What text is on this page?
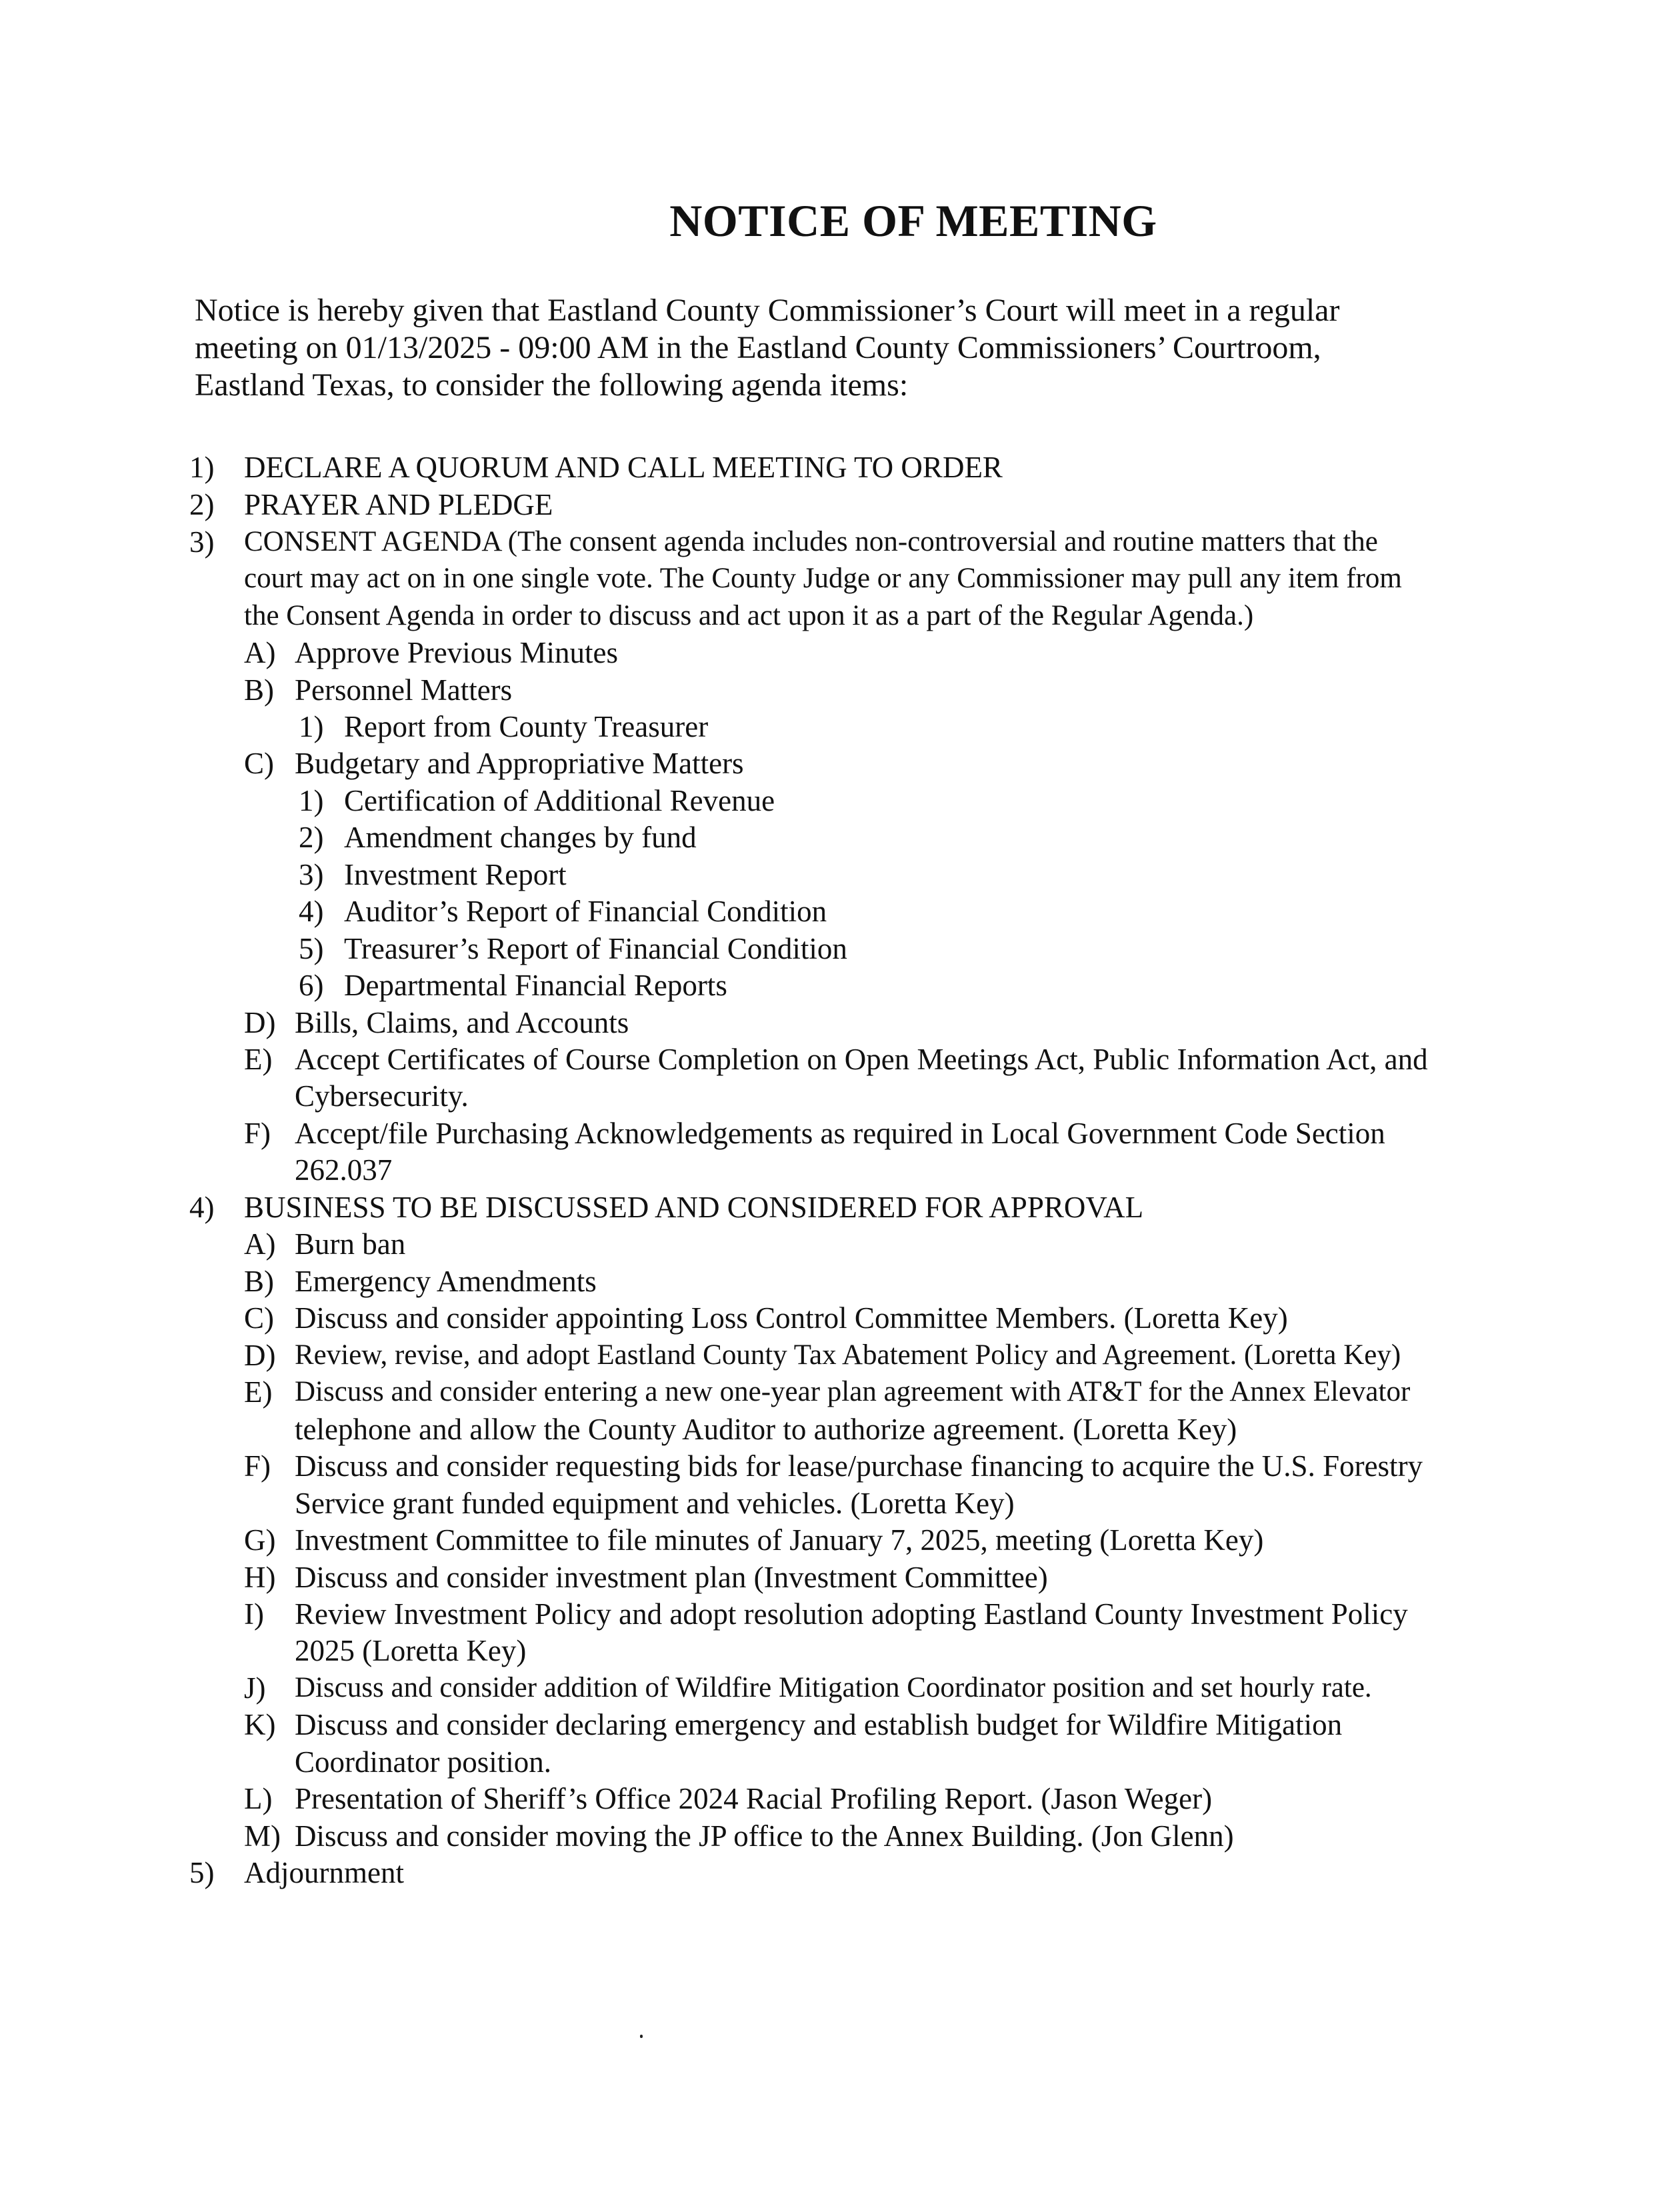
NOTICE OF MEETING
Notice is hereby given that Eastland County Commissioner’s Court will meet in a regular
meeting on 01/13/2025 - 09:00 AM in the Eastland County Commissioners’ Courtroom,
Eastland Texas, to consider the following agenda items:
1) DECLARE A QUORUM AND CALL MEETING TO ORDER
2) PRAYER AND PLEDGE
3) CONSENT AGENDA (The consent agenda includes non-controversial and routine matters that the
court may act on in one single vote. The County Judge or any Commissioner may pull any item from
the Consent Agenda in order to discuss and act upon it as a part of the Regular Agenda.)
A) Approve Previous Minutes
B) Personnel Matters
1) Report from County Treasurer
C) Budgetary and Appropriative Matters
1) Certification of Additional Revenue
2) Amendment changes by fund
3) Investment Report
4) Auditor’s Report of Financial Condition
5) Treasurer’s Report of Financial Condition
6) Departmental Financial Reports
D) Bills, Claims, and Accounts
E) Accept Certificates of Course Completion on Open Meetings Act, Public Information Act, and
Cybersecurity.
F) Accept/file Purchasing Acknowledgements as required in Local Government Code Section
262.037
4) BUSINESS TO BE DISCUSSED AND CONSIDERED FOR APPROVAL
A) Burn ban
B) Emergency Amendments
C) Discuss and consider appointing Loss Control Committee Members. (Loretta Key)
D) Review, revise, and adopt Eastland County Tax Abatement Policy and Agreement. (Loretta Key)
E) Discuss and consider entering a new one-year plan agreement with AT&T for the Annex Elevator
telephone and allow the County Auditor to authorize agreement. (Loretta Key)
F) Discuss and consider requesting bids for lease/purchase financing to acquire the U.S. Forestry
Service grant funded equipment and vehicles. (Loretta Key)
G) Investment Committee to file minutes of January 7, 2025, meeting (Loretta Key)
H) Discuss and consider investment plan (Investment Committee)
I) Review Investment Policy and adopt resolution adopting Eastland County Investment Policy
2025 (Loretta Key)
J) Discuss and consider addition of Wildfire Mitigation Coordinator position and set hourly rate.
K) Discuss and consider declaring emergency and establish budget for Wildfire Mitigation
Coordinator position.
L) Presentation of Sheriff’s Office 2024 Racial Profiling Report. (Jason Weger)
M) Discuss and consider moving the JP office to the Annex Building. (Jon Glenn)
5) Adjournment
